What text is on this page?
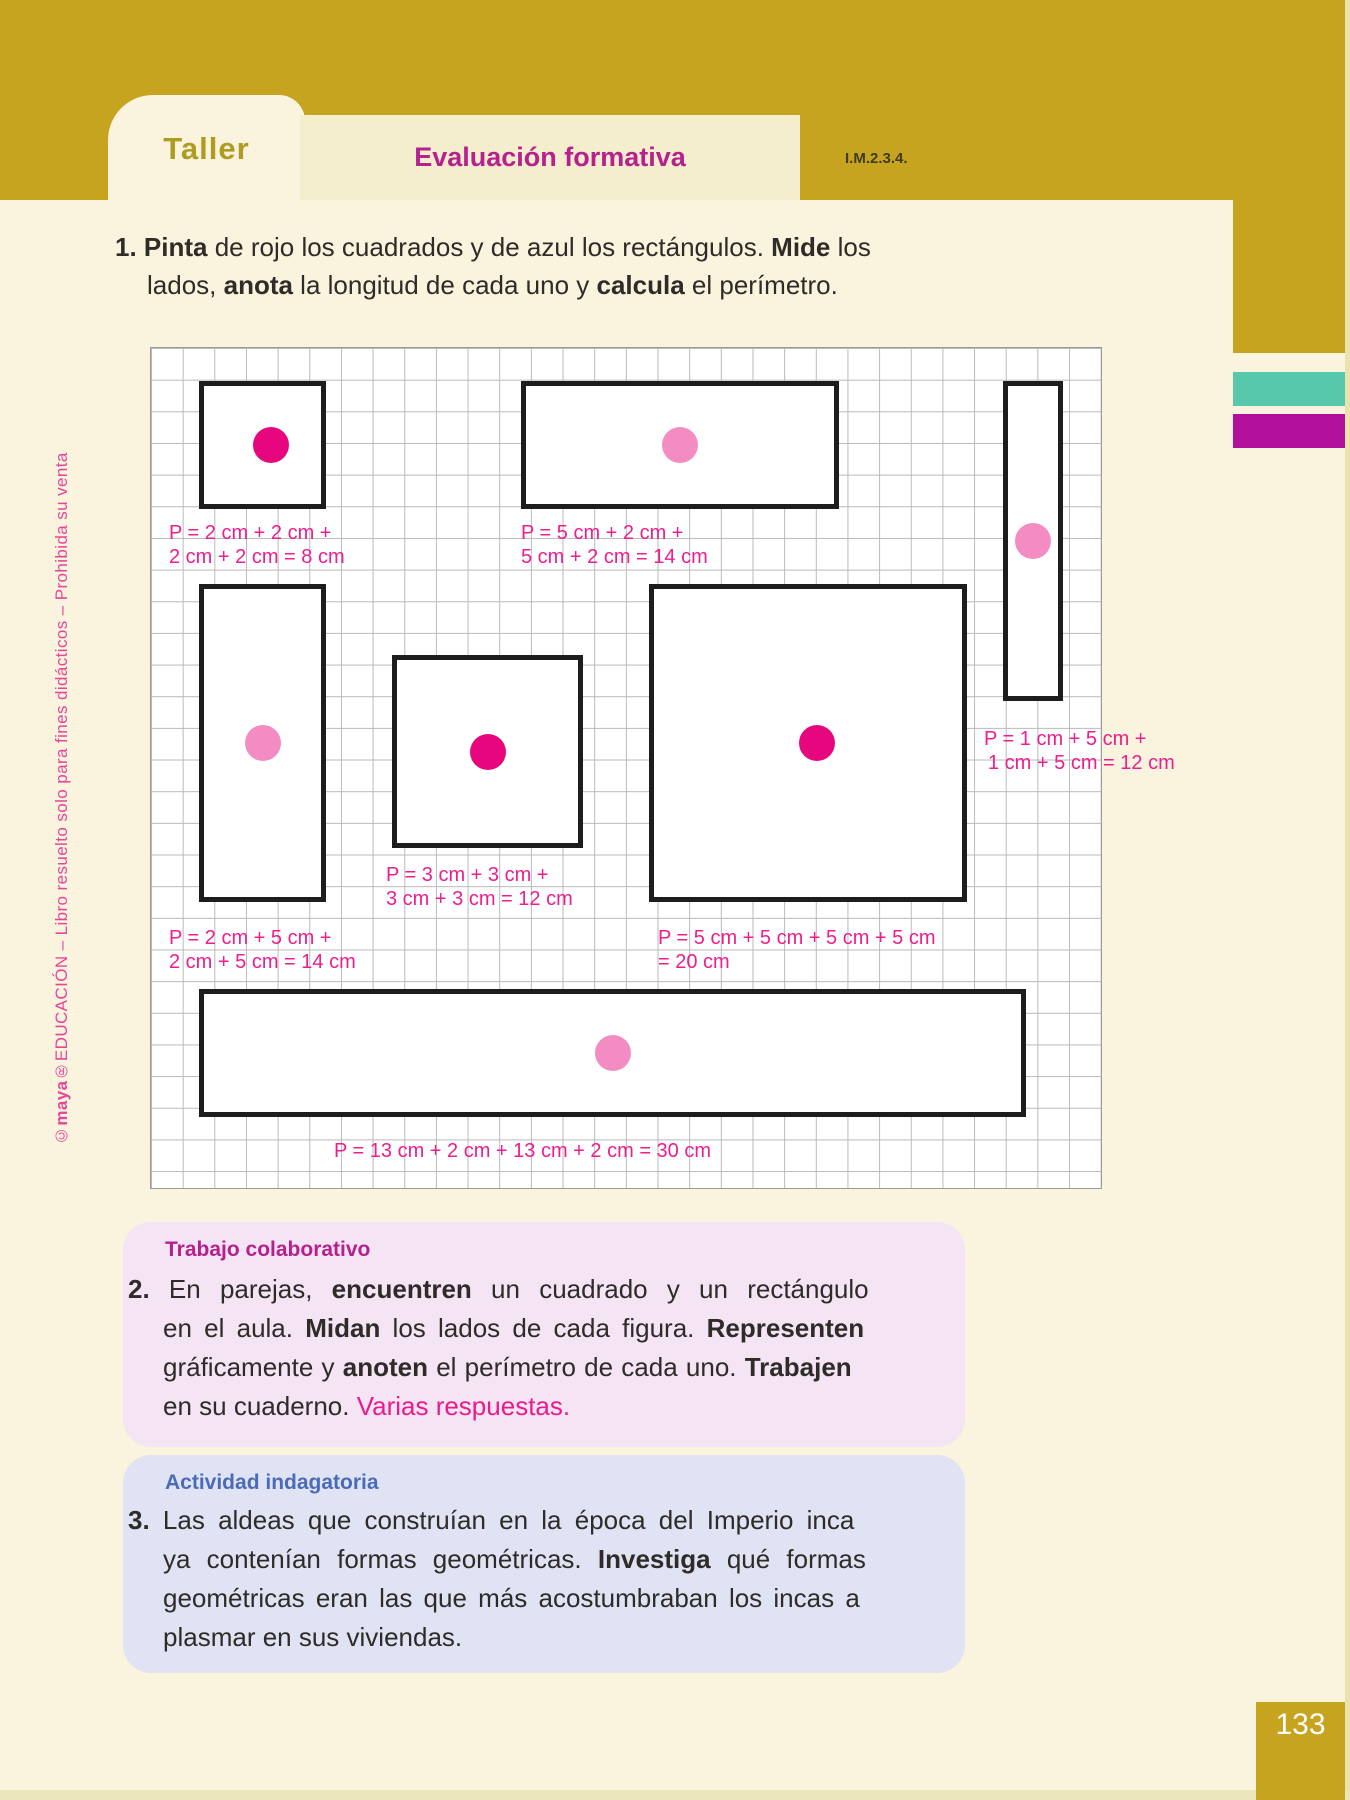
Taller	Evaluación formativa	I.M.2.3.4.
1. Pinta de rojo los cuadrados y de azul los rectángulos. Mide los
lados, anota la longitud de cada uno y calcula el perímetro.
P = 2 cm + 2 cm +
2 cm + 2 cm = 8 cm
P = 5 cm + 2 cm +
5 cm + 2 cm = 14 cm
P = 1 cm + 5 cm +
1 cm + 5 cm = 12 cm
P = 2 cm + 5 cm +
2 cm + 5 cm = 14 cm
P = 3 cm + 3 cm +
3 cm + 3 cm = 12 cm
P = 5 cm + 5 cm + 5 cm + 5 cm
= 20 cm
P = 13 cm + 2 cm + 13 cm + 2 cm = 30 cm
Trabajo colaborativo
2. En parejas, encuentren un cuadrado y un rectángulo
en el aula. Midan los lados de cada figura. Representen
gráficamente y anoten el perímetro de cada uno. Trabajen
en su cuaderno. Varias respuestas.
Actividad indagatoria
3. Las aldeas que construían en la época del Imperio inca
ya contenían formas geométricas. Investiga qué formas
geométricas eran las que más acostumbraban los incas a
plasmar en sus viviendas.
©maya®EDUCACIÓN – Libro resuelto solo para fines didácticos – Prohibida su venta
133
